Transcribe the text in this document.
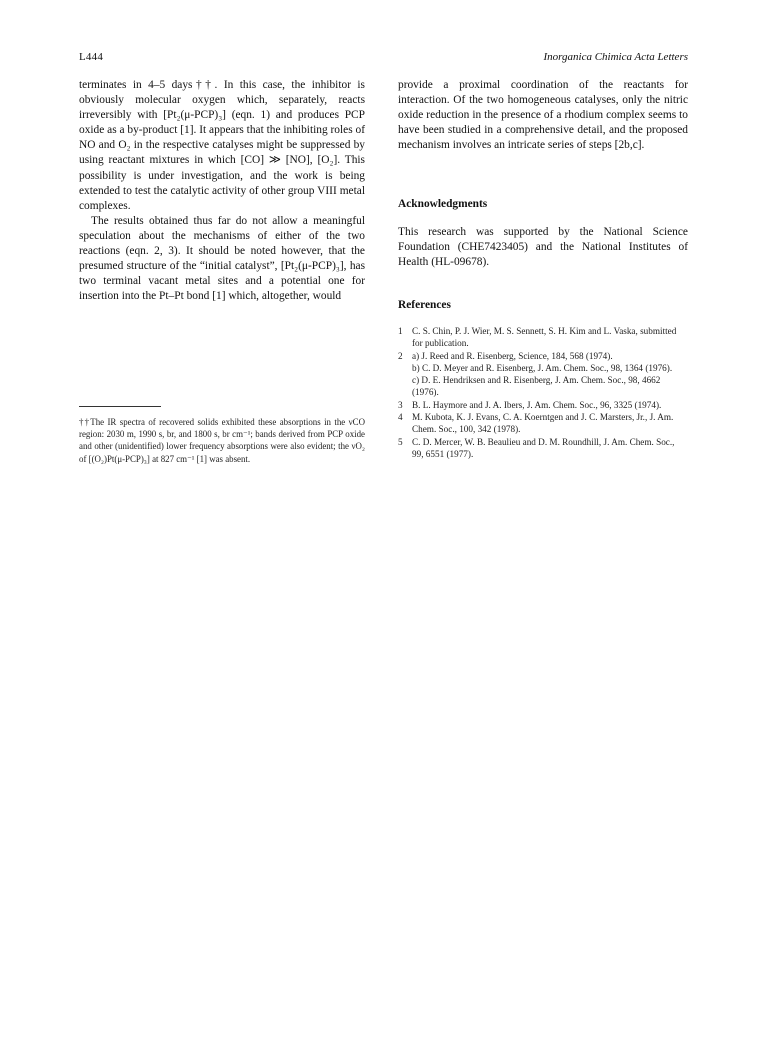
L444	Inorganica Chimica Acta Letters

terminates in 4–5 days††. In this case, the inhibitor is obviously molecular oxygen which, separately, reacts irreversibly with [Pt₂(μ-PCP)₃] (eqn. 1) and produces PCP oxide as a by-product [1]. It appears that the inhibiting roles of NO and O₂ in the respective catalyses might be suppressed by using reactant mixtures in which [CO] ≫ [NO], [O₂]. This possibility is under investigation, and the work is being extended to test the catalytic activity of other group VIII metal complexes.

The results obtained thus far do not allow a meaningful speculation about the mechanisms of either of the two reactions (eqn. 2, 3). It should be noted however, that the presumed structure of the “initial catalyst”, [Pt₂(μ-PCP)₃], has two terminal vacant metal sites and a potential one for insertion into the Pt–Pt bond [1] which, altogether, would

††The IR spectra of recovered solids exhibited these absorptions in the νCO region: 2030 m, 1990 s, br, and 1800 s, br cm⁻¹; bands derived from PCP oxide and other (unidentified) lower frequency absorptions were also evident; the νO₂ of [(O₂)Pt(μ-PCP)₃] at 827 cm⁻¹ [1] was absent.

provide a proximal coordination of the reactants for interaction. Of the two homogeneous catalyses, only the nitric oxide reduction in the presence of a rhodium complex seems to have been studied in a comprehensive detail, and the proposed mechanism involves an intricate series of steps [2b,c].

Acknowledgments

This research was supported by the National Science Foundation (CHE7423405) and the National Institutes of Health (HL-09678).

References
1 C. S. Chin, P. J. Wier, M. S. Sennett, S. H. Kim and L. Vaska, submitted for publication.
2 a) J. Reed and R. Eisenberg, Science, 184, 568 (1974).
b) C. D. Meyer and R. Eisenberg, J. Am. Chem. Soc., 98, 1364 (1976).
c) D. E. Hendriksen and R. Eisenberg, J. Am. Chem. Soc., 98, 4662 (1976).
3 B. L. Haymore and J. A. Ibers, J. Am. Chem. Soc., 96, 3325 (1974).
4 M. Kubota, K. J. Evans, C. A. Koerntgen and J. C. Marsters, Jr., J. Am. Chem. Soc., 100, 342 (1978).
5 C. D. Mercer, W. B. Beaulieu and D. M. Roundhill, J. Am. Chem. Soc., 99, 6551 (1977).
